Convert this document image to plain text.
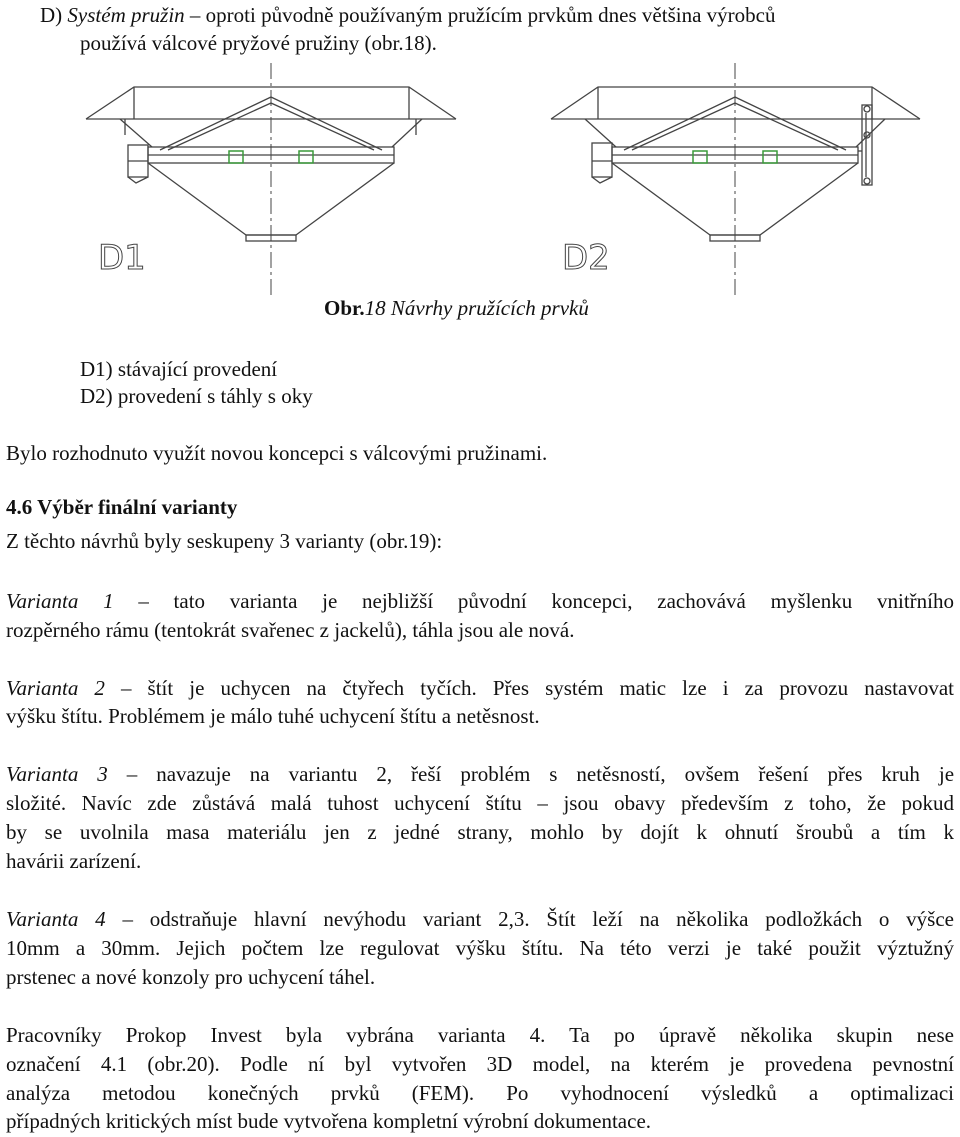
D) Systém pružin – oproti původně používaným pružícím prvkům dnes většina výrobců
používá válcové pryžové pružiny (obr.18).
D1	D2
Obr.18 Návrhy pružících prvků
D1) stávající provedení
D2) provedení s táhly s oky
Bylo rozhodnuto využít novou koncepci s válcovými pružinami.
4.6 Výběr finální varianty
Z těchto návrhů byly seskupeny 3 varianty (obr.19):
Varianta 1 – tato varianta je nejbližší původní koncepci, zachovává myšlenku vnitřního
rozpěrného rámu (tentokrát svařenec z jackelů), táhla jsou ale nová.
Varianta 2 – štít je uchycen na čtyřech tyčích. Přes systém matic lze i za provozu nastavovat
výšku štítu. Problémem je málo tuhé uchycení štítu a netěsnost.
Varianta 3 – navazuje na variantu 2, řeší problém s netěsností, ovšem řešení přes kruh je
složité. Navíc zde zůstává malá tuhost uchycení štítu – jsou obavy především z toho, že pokud
by se uvolnila masa materiálu jen z jedné strany, mohlo by dojít k ohnutí šroubů a tím k
havárii zarízení.
Varianta 4 – odstraňuje hlavní nevýhodu variant 2,3. Štít leží na několika podložkách o výšce
10mm a 30mm. Jejich počtem lze regulovat výšku štítu. Na této verzi je také použit výztužný
prstenec a nové konzoly pro uchycení táhel.
Pracovníky Prokop Invest byla vybrána varianta 4. Ta po úpravě několika skupin nese
označení 4.1 (obr.20). Podle ní byl vytvořen 3D model, na kterém je provedena pevnostní
analýza metodou konečných prvků (FEM). Po vyhodnocení výsledků a optimalizaci
případných kritických míst bude vytvořena kompletní výrobní dokumentace.
